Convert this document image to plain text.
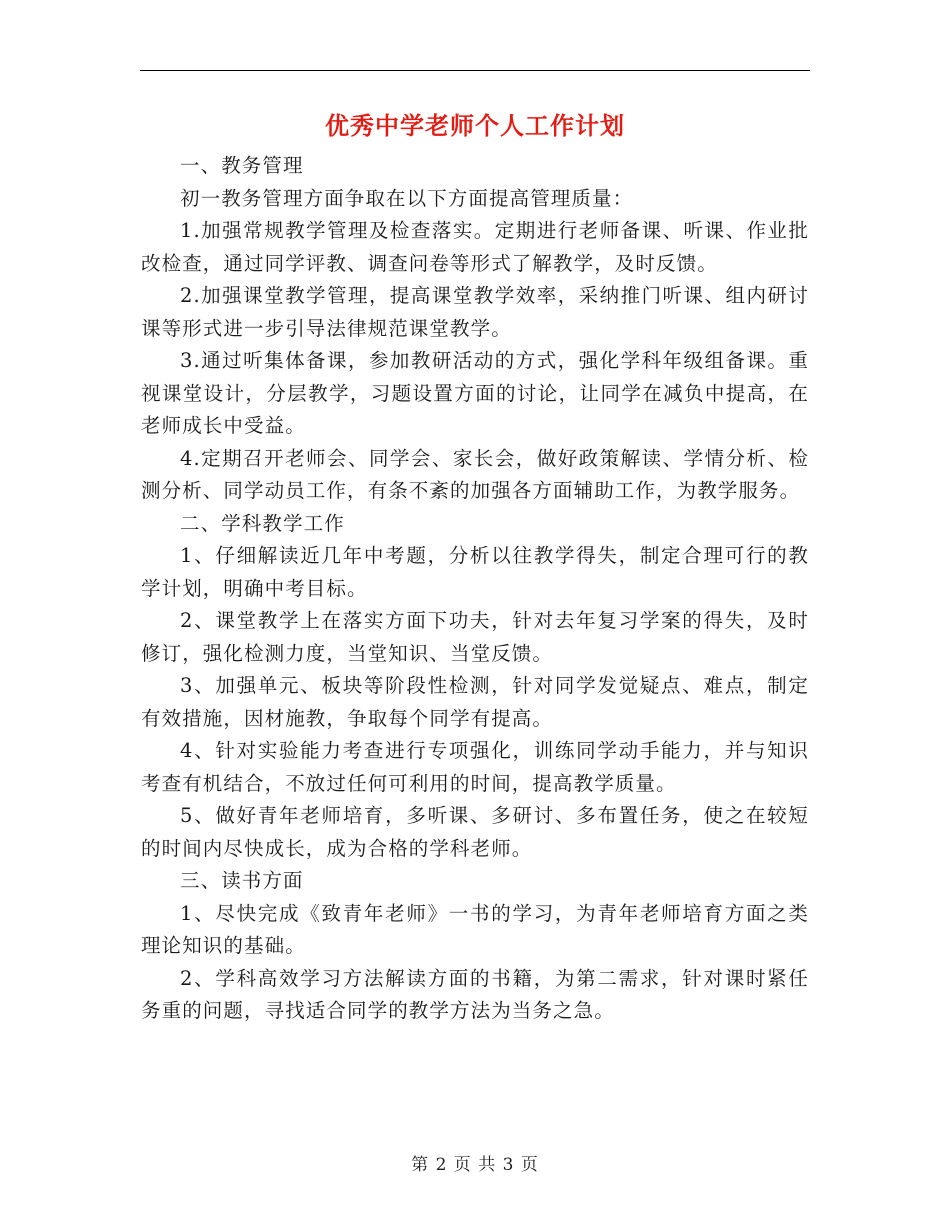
优秀中学老师个人工作计划

一、教务管理

初一教务管理方面争取在以下方面提高管理质量：

1.加强常规教学管理及检查落实。定期进行老师备课、听课、作业批改检查，通过同学评教、调查问卷等形式了解教学，及时反馈。

2.加强课堂教学管理，提高课堂教学效率，采纳推门听课、组内研讨课等形式进一步引导法律规范课堂教学。

3.通过听集体备课，参加教研活动的方式，强化学科年级组备课。重视课堂设计，分层教学，习题设置方面的讨论，让同学在减负中提高，在老师成长中受益。

4.定期召开老师会、同学会、家长会，做好政策解读、学情分析、检测分析、同学动员工作，有条不紊的加强各方面辅助工作，为教学服务。

二、学科教学工作

1、仔细解读近几年中考题，分析以往教学得失，制定合理可行的教学计划，明确中考目标。

2、课堂教学上在落实方面下功夫，针对去年复习学案的得失，及时修订，强化检测力度，当堂知识、当堂反馈。

3、加强单元、板块等阶段性检测，针对同学发觉疑点、难点，制定有效措施，因材施教，争取每个同学有提高。

4、针对实验能力考查进行专项强化，训练同学动手能力，并与知识考查有机结合，不放过任何可利用的时间，提高教学质量。

5、做好青年老师培育，多听课、多研讨、多布置任务，使之在较短的时间内尽快成长，成为合格的学科老师。

三、读书方面

1、尽快完成《致青年老师》一书的学习，为青年老师培育方面之类理论知识的基础。

2、学科高效学习方法解读方面的书籍，为第二需求，针对课时紧任务重的问题，寻找适合同学的教学方法为当务之急。

第 2 页 共 3 页
